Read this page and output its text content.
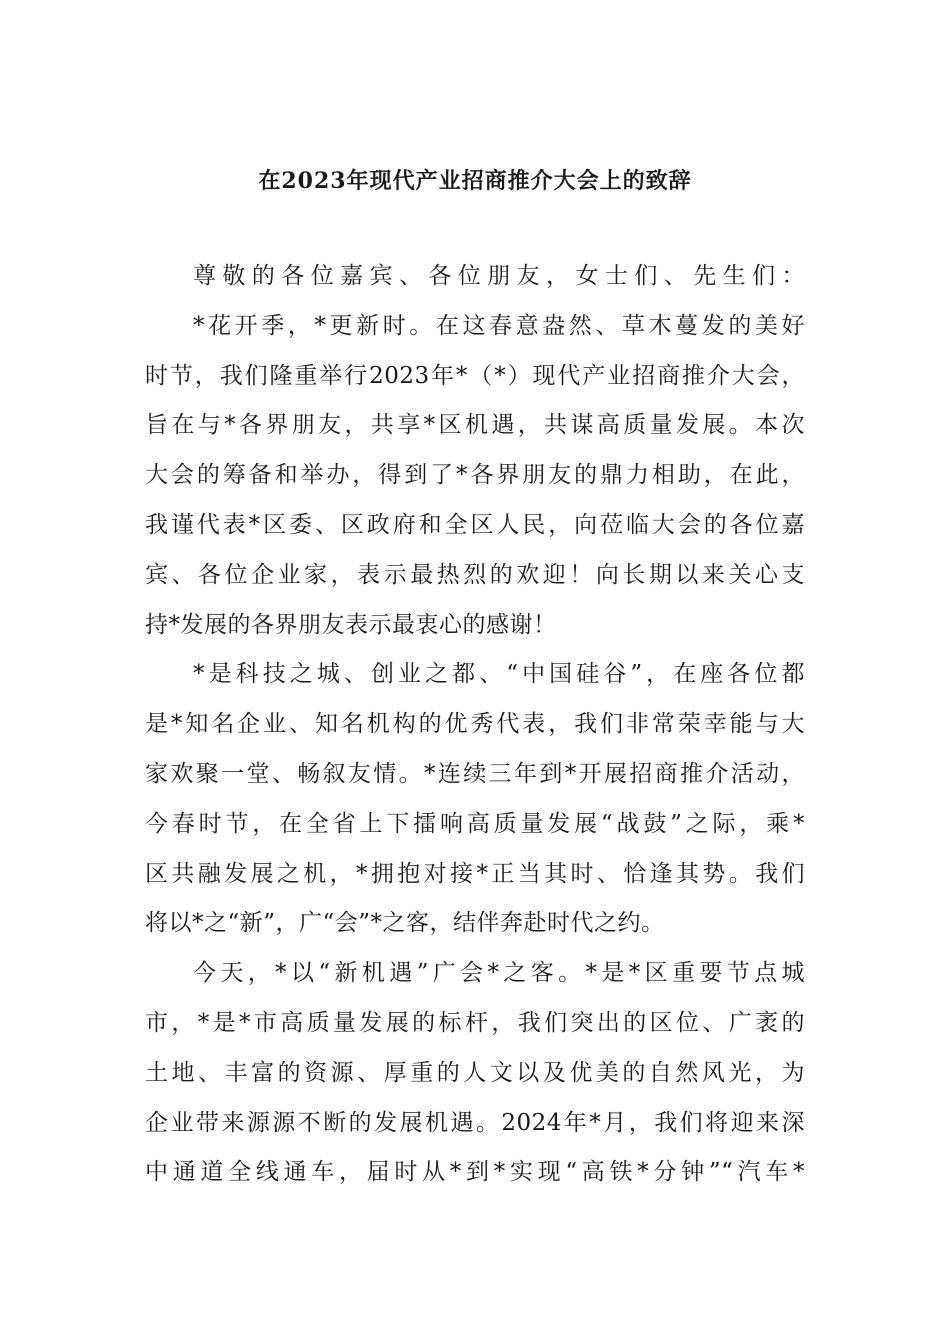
在2023年现代产业招商推介大会上的致辞
尊敬的各位嘉宾、各位朋友，女士们、先生们：
*花开季，*更新时。在这春意盎然、草木蔓发的美好
时节，我们隆重举行2023年*（*）现代产业招商推介大会，
旨在与*各界朋友，共享*区机遇，共谋高质量发展。本次
大会的筹备和举办，得到了*各界朋友的鼎力相助，在此，
我谨代表*区委、区政府和全区人民，向莅临大会的各位嘉
宾、各位企业家，表示最热烈的欢迎！向长期以来关心支
持*发展的各界朋友表示最衷心的感谢！
*是科技之城、创业之都、“中国硅谷”，在座各位都
是*知名企业、知名机构的优秀代表，我们非常荣幸能与大
家欢聚一堂、畅叙友情。*连续三年到*开展招商推介活动，
今春时节，在全省上下擂响高质量发展“战鼓”之际，乘*
区共融发展之机，*拥抱对接*正当其时、恰逢其势。我们
将以*之“新”，广“会”*之客，结伴奔赴时代之约。
今天，*以“新机遇”广会*之客。*是*区重要节点城
市，*是*市高质量发展的标杆，我们突出的区位、广袤的
土地、丰富的资源、厚重的人文以及优美的自然风光，为
企业带来源源不断的发展机遇。2024年*月，我们将迎来深
中通道全线通车，届时从*到*实现“高铁*分钟”“汽车*
